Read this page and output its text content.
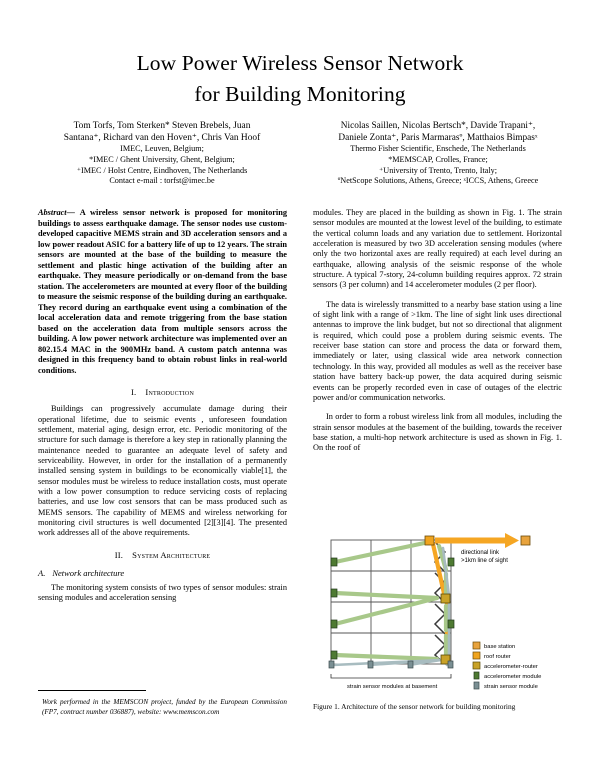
Low Power Wireless Sensor Network
for Building Monitoring
Tom Torfs, Tom Sterken* Steven Brebels, Juan
Santana⁺, Richard van den Hoven⁺, Chris Van Hoof
IMEC, Leuven, Belgium;
*IMEC / Ghent University, Ghent, Belgium;
⁺IMEC / Holst Centre, Eindhoven, The Netherlands
Contact e-mail : torfst@imec.be
Nicolas Saillen, Nicolas Bertsch*, Davide Trapani⁺,
Daniele Zonta⁺, Paris Marmarasº, Matthaios Bimpasˣ
Thermo Fisher Scientific, Enschede, The Netherlands
*MEMSCAP, Crolles, France;
⁺University of Trento, Trento, Italy;
ºNetScope Solutions, Athens, Greece; ˣICCS, Athens, Greece
Abstract— A wireless sensor network is proposed for monitoring buildings to assess earthquake damage. The sensor nodes use custom-developed capacitive MEMS strain and 3D acceleration sensors and a low power readout ASIC for a battery life of up to 12 years. The strain sensors are mounted at the base of the building to measure the settlement and plastic hinge activation of the building after an earthquake. They measure periodically or on-demand from the base station. The accelerometers are mounted at every floor of the building to measure the seismic response of the building during an earthquake. They record during an earthquake event using a combination of the local acceleration data and remote triggering from the base station based on the acceleration data from multiple sensors across the building. A low power network architecture was implemented over an 802.15.4 MAC in the 900MHz band. A custom patch antenna was designed in this frequency band to obtain robust links in real-world conditions.
I. Introduction

Buildings can progressively accumulate damage during their operational lifetime, due to seismic events , unforeseen foundation settlement, material aging, design error, etc. Periodic monitoring of the structure for such damage is therefore a key step in rationally planning the maintenance needed to guarantee an adequate level of safety and serviceability. However, in order for the installation of a permanently installed sensing system in buildings to be economically viable[1], the sensor modules must be wireless to reduce installation costs, must operate with a low power consumption to reduce servicing costs of replacing batteries, and use low cost sensors that can be mass produced such as MEMS sensors. The capability of MEMS and wireless networking for monitoring civil structures is well documented [2][3][4]. The presented work addresses all of the above requirements.

II. System Architecture
A. Network architecture

The monitoring system consists of two types of sensor modules: strain sensing modules and acceleration sensing

modules. They are placed in the building as shown in Fig. 1. The strain sensor modules are mounted at the lowest level of the building, to estimate the vertical column loads and any variation due to settlement. Horizontal acceleration is measured by two 3D acceleration sensing modules (where only the two horizontal axes are really required) at each level during an earthquake, allowing analysis of the seismic response of the whole structure. A typical 7-story, 24-column building requires approx. 72 strain sensors (3 per column) and 14 accelerometer modules (2 per floor).

The data is wirelessly transmitted to a nearby base station using a line of sight link with a range of >1km. The line of sight link uses directional antennas to improve the link budget, but not so directional that alignment is required, which could pose a problem during seismic events. The receiver base station can store and process the data or forward them, immediately or later, using classical wide area network connection technology. In this way, provided all modules as well as the receiver base station have battery back-up power, the data acquired during seismic events can be properly recorded even in case of outages of the electric power and/or communication networks.

In order to form a robust wireless link from all modules, including the strain sensor modules at the basement of the building, towards the receiver base station, a multi-hop network architecture is used as shown in Fig. 1. On the roof of

Work performed in the MEMSCON project, funded by the European Commission (FP7, contract number 036887), website: www.memscon.com
directional link
>1km line of sight
strain sensor modules at basement
base station
roof router
accelerometer-router
accelerometer module
strain sensor module
Figure 1. Architecture of the sensor network for building monitoring
